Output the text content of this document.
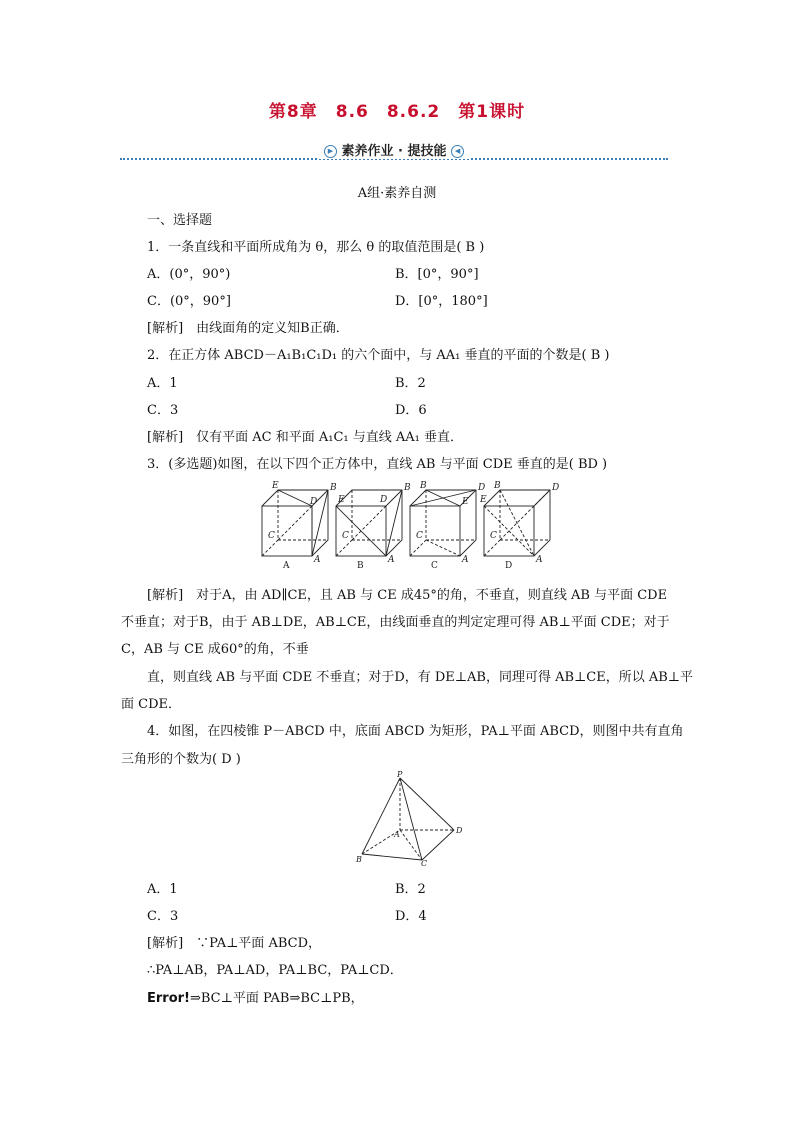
第8章　8.6　8.6.2　第1课时
▶ 素养作业 · 提技能 ◀
A组·素养自测
一、选择题
1．一条直线和平面所成角为 θ，那么 θ 的取值范围是( B )
A．(0°，90°)	B．[0°，90°]
C．(0°，90°]	D．[0°，180°]
[解析]　由线面角的定义知B正确．
2．在正方体 ABCD－A₁B₁C₁D₁ 的六个面中，与 AA₁ 垂直的平面的个数是( B )
A．1	B．2
C．3	D．6
[解析]　仅有平面 AC 和平面 A₁C₁ 与直线 AA₁ 垂直．
3．(多选题)如图，在以下四个正方体中，直线 AB 与平面 CDE 垂直的是( BD )
E
D
B
C
A
A
E	D
B
C
A
B
B	D
E
C
A
C
B	D
E
C
A
D
[解析]　对于A，由 AD∥CE，且 AB 与 CE 成45°的角，不垂直，则直线 AB 与平面 CDE
不垂直；对于B，由于 AB⊥DE，AB⊥CE，由线面垂直的判定定理可得 AB⊥平面 CDE；对于
C，AB 与 CE 成60°的角，不垂
直，则直线 AB 与平面 CDE 不垂直；对于D，有 DE⊥AB，同理可得 AB⊥CE，所以 AB⊥平
面 CDE．
4．如图，在四棱锥 P－ABCD 中，底面 ABCD 为矩形，PA⊥平面 ABCD，则图中共有直角
三角形的个数为( D )
P
A	D
B	C
A．1	B．2
C．3	D．4
[解析]　∵PA⊥平面 ABCD，
∴PA⊥AB，PA⊥AD，PA⊥BC，PA⊥CD．
Error!⇒BC⊥平面 PAB⇒BC⊥PB，
